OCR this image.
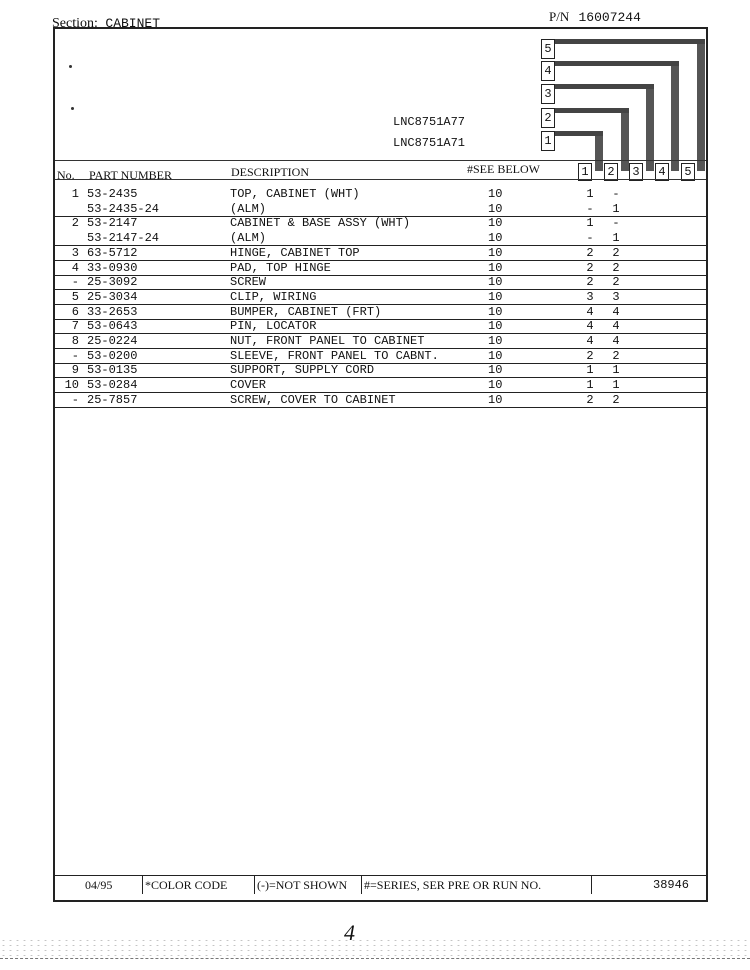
Section: CABINET	P/N 16007244
5
4
3
2
1
1 2 3 4 5
LNC8751A77
LNC8751A71
No. PART NUMBER	DESCRIPTION	#SEE BELOW
1 53-2435	TOP, CABINET (WHT)	10	1 -
53-2435-24	(ALM)	10	- 1
2 53-2147	CABINET & BASE ASSY (WHT)	10	1 -
53-2147-24	(ALM)	10	- 1
3 63-5712	HINGE, CABINET TOP	10	2 2
4 33-0930	PAD, TOP HINGE	10	2 2
- 25-3092	SCREW	10	2 2
5 25-3034	CLIP, WIRING	10	3 3
6 33-2653	BUMPER, CABINET (FRT)	10	4 4
7 53-0643	PIN, LOCATOR	10	4 4
8 25-0224	NUT, FRONT PANEL TO CABINET	10	4 4
- 53-0200	SLEEVE, FRONT PANEL TO CABNT.	10	2 2
9 53-0135	SUPPORT, SUPPLY CORD	10	1 1
10 53-0284	COVER	10	1 1
- 25-7857	SCREW, COVER TO CABINET	10	2 2
04/95	*COLOR CODE (-)=NOT SHOWN #=SERIES, SER PRE OR RUN NO.	38946
4
